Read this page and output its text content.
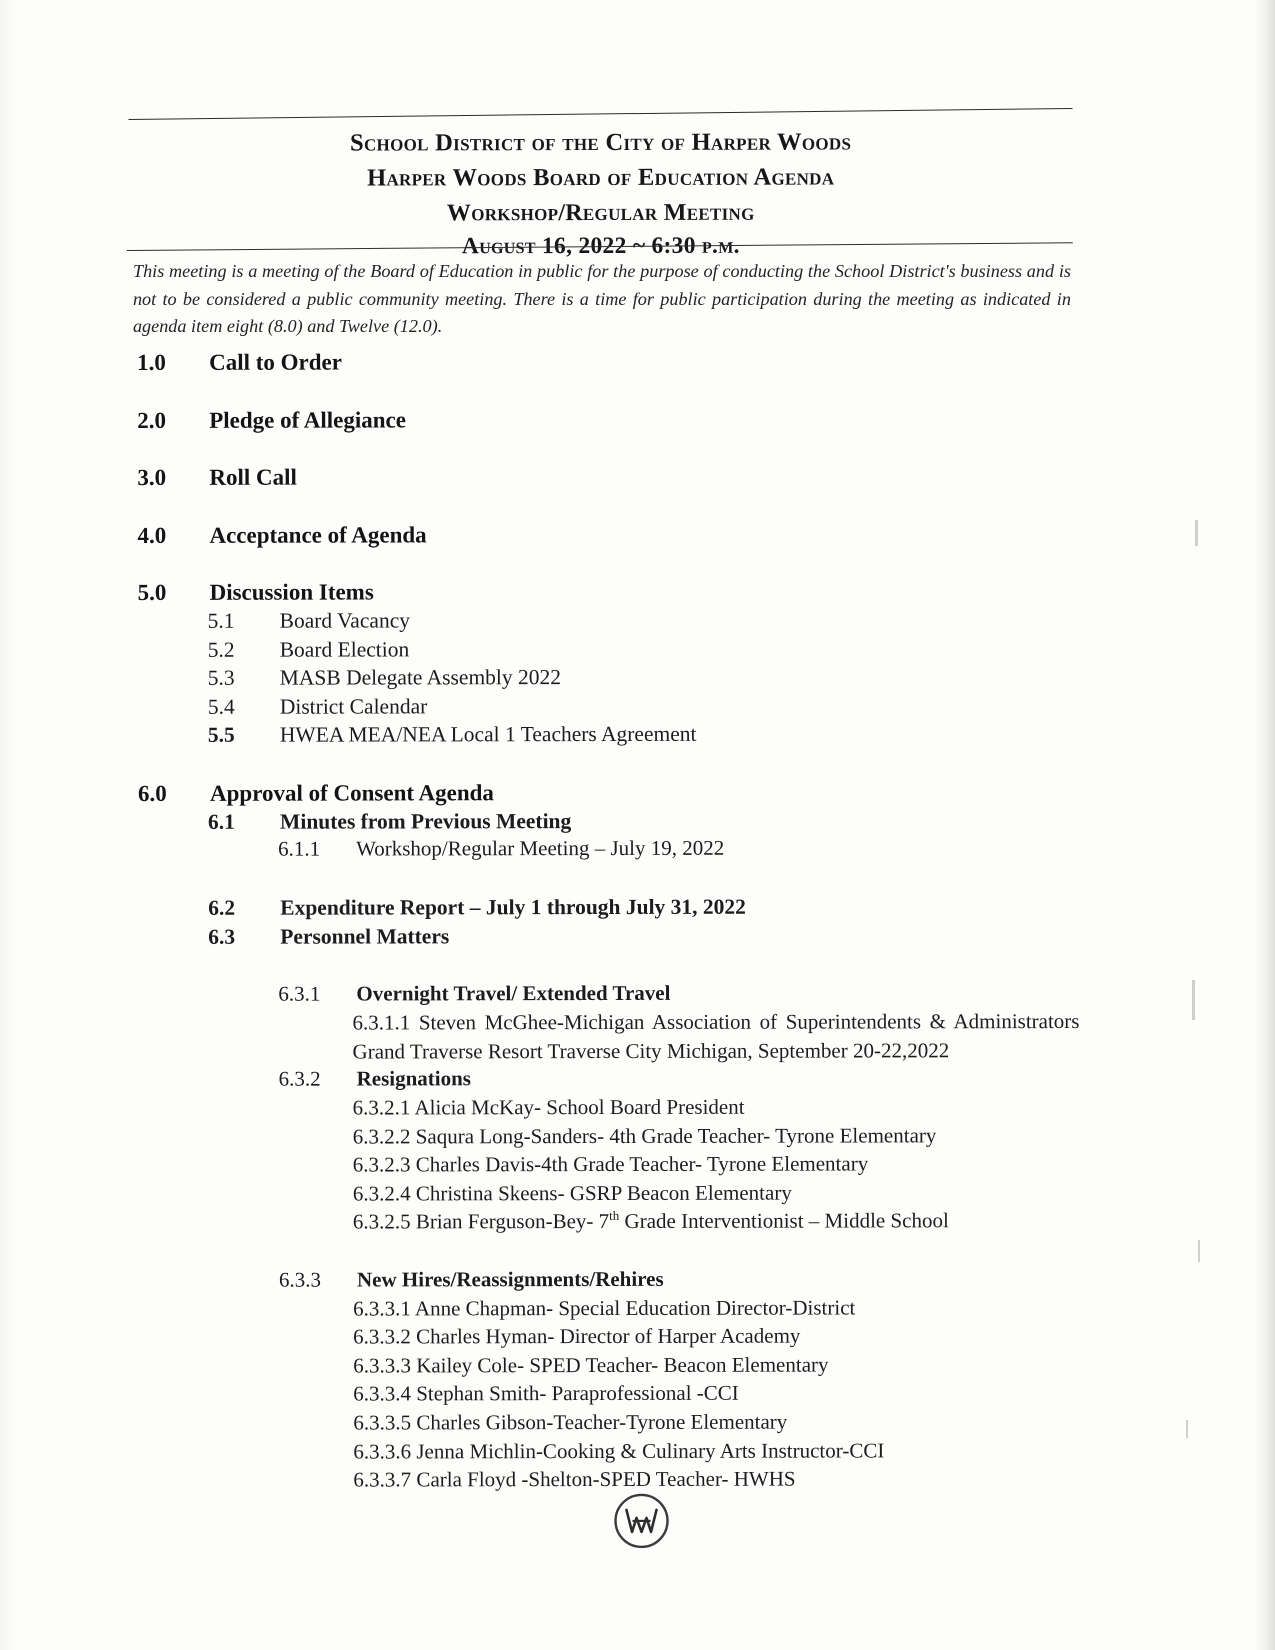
School District of the City of Harper Woods
Harper Woods Board of Education Agenda
Workshop/Regular Meeting
August 16, 2022 ~ 6:30 p.m.
This meeting is a meeting of the Board of Education in public for the purpose of conducting the School District's business and is not to be considered a public community meeting. There is a time for public participation during the meeting as indicated in agenda item eight (8.0) and Twelve (12.0).
1.0	Call to Order
2.0	Pledge of Allegiance
3.0	Roll Call
4.0	Acceptance of Agenda
5.0	Discussion Items
5.1	Board Vacancy
5.2	Board Election
5.3	MASB Delegate Assembly 2022
5.4	District Calendar
5.5	HWEA MEA/NEA Local 1 Teachers Agreement
6.0	Approval of Consent Agenda
6.1	Minutes from Previous Meeting
6.1.1	Workshop/Regular Meeting – July 19, 2022
6.2	Expenditure Report – July 1 through July 31, 2022
6.3	Personnel Matters
6.3.1	Overnight Travel/ Extended Travel
6.3.1.1 Steven McGhee-Michigan Association of Superintendents & Administrators Grand Traverse Resort Traverse City Michigan, September 20-22,2022
6.3.2	Resignations
6.3.2.1 Alicia McKay- School Board President
6.3.2.2 Saqura Long-Sanders- 4th Grade Teacher- Tyrone Elementary
6.3.2.3 Charles Davis-4th Grade Teacher- Tyrone Elementary
6.3.2.4 Christina Skeens- GSRP Beacon Elementary
6.3.2.5 Brian Ferguson-Bey- 7th Grade Interventionist – Middle School
6.3.3	New Hires/Reassignments/Rehires
6.3.3.1 Anne Chapman- Special Education Director-District
6.3.3.2 Charles Hyman- Director of Harper Academy
6.3.3.3 Kailey Cole- SPED Teacher- Beacon Elementary
6.3.3.4 Stephan Smith- Paraprofessional -CCI
6.3.3.5 Charles Gibson-Teacher-Tyrone Elementary
6.3.3.6 Jenna Michlin-Cooking & Culinary Arts Instructor-CCI
6.3.3.7 Carla Floyd -Shelton-SPED Teacher- HWHS
